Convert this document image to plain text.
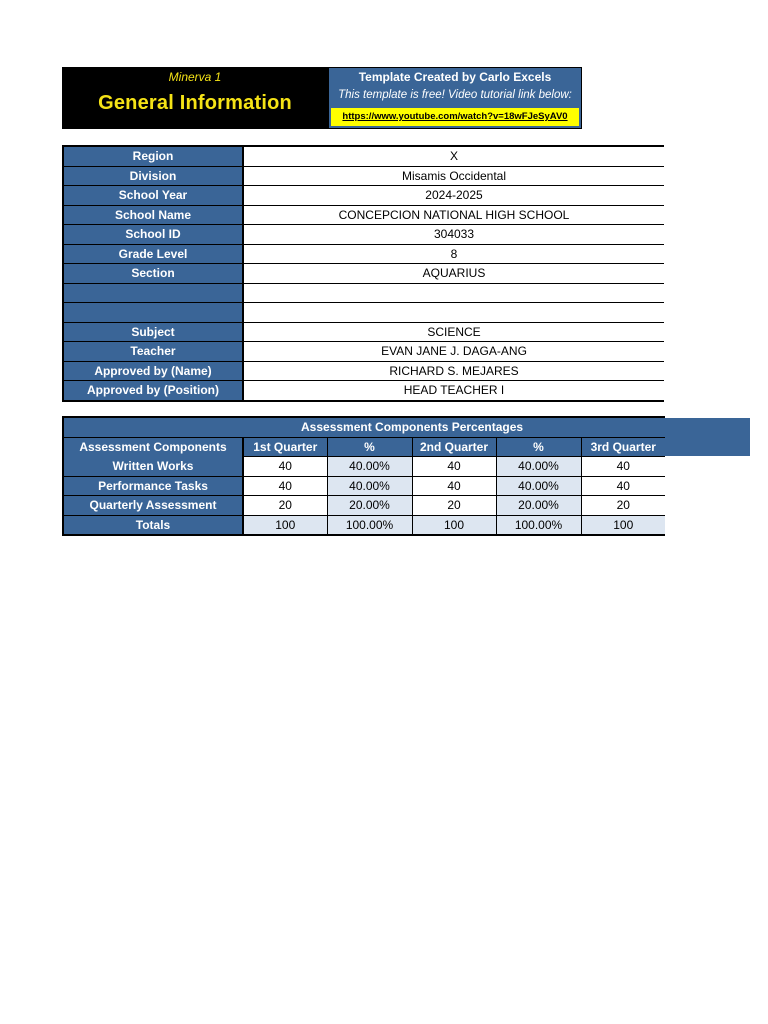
Minerva 1
General Information
Template Created by Carlo Excels
This template is free! Video tutorial link below:
https://www.youtube.com/watch?v=18wFJeSyAV0
Region	X
Division	Misamis Occidental
School Year	2024-2025
School Name	CONCEPCION NATIONAL HIGH SCHOOL
School ID	304033
Grade Level	8
Section	AQUARIUS

Subject	SCIENCE
Teacher	EVAN JANE J. DAGA-ANG
Approved by (Name)	RICHARD S. MEJARES
Approved by (Position)	HEAD TEACHER I
	Assessment Components Percentages				
Assessment Components	1st Quarter	%	2nd Quarter	%	3rd Quarter
Written Works	40	40.00%	40	40.00%	40
Performance Tasks	40	40.00%	40	40.00%	40
Quarterly Assessment	20	20.00%	20	20.00%	20
Totals	100	100.00%	100	100.00%	100
